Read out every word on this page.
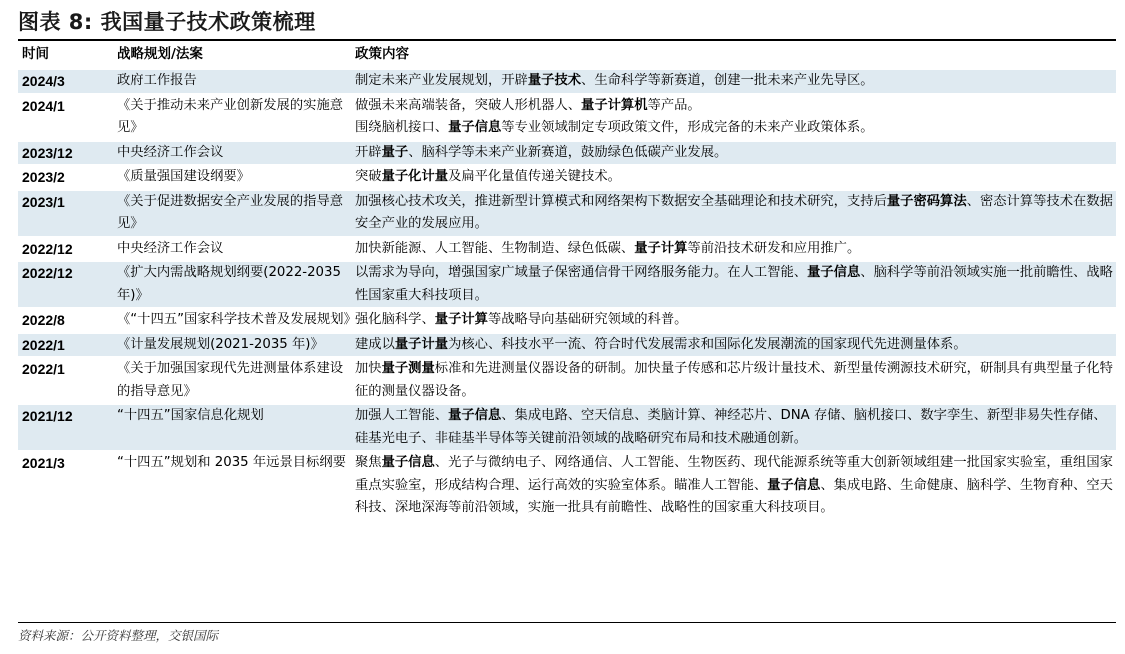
图表 8: 我国量子技术政策梳理
时间	战略规划/法案	政策内容
2024/3	政府工作报告	制定未来产业发展规划，开辟量子技术、生命科学等新赛道，创建一批未来产业先导区。
2024/1	《关于推动未来产业创新发展的实施意见》	做强未来高端装备，突破人形机器人、量子计算机等产品。
围绕脑机接口、量子信息等专业领域制定专项政策文件，形成完备的未来产业政策体系。
2023/12	中央经济工作会议	开辟量子、脑科学等未来产业新赛道，鼓励绿色低碳产业发展。
2023/2	《质量强国建设纲要》	突破量子化计量及扁平化量值传递关键技术。
2023/1	《关于促进数据安全产业发展的指导意见》	加强核心技术攻关，推进新型计算模式和网络架构下数据安全基础理论和技术研究，支持后量子密码算法、密态计算等技术在数据安全产业的发展应用。
2022/12	中央经济工作会议	加快新能源、人工智能、生物制造、绿色低碳、量子计算等前沿技术研发和应用推广。
2022/12	《扩大内需战略规划纲要(2022-2035 年)》	以需求为导向，增强国家广域量子保密通信骨干网络服务能力。在人工智能、量子信息、脑科学等前沿领域实施一批前瞻性、战略性国家重大科技项目。
2022/8	《“十四五”国家科学技术普及发展规划》	强化脑科学、量子计算等战略导向基础研究领域的科普。
2022/1	《计量发展规划(2021-2035 年)》	建成以量子计量为核心、科技水平一流、符合时代发展需求和国际化发展潮流的国家现代先进测量体系。
2022/1	《关于加强国家现代先进测量体系建设的指导意见》	加快量子测量标准和先进测量仪器设备的研制。加快量子传感和芯片级计量技术、新型量传溯源技术研究，研制具有典型量子化特征的测量仪器设备。
2021/12	“十四五”国家信息化规划	加强人工智能、量子信息、集成电路、空天信息、类脑计算、神经芯片、DNA 存储、脑机接口、数字孪生、新型非易失性存储、硅基光电子、非硅基半导体等关键前沿领域的战略研究布局和技术融通创新。
2021/3	“十四五”规划和 2035 年远景目标纲要	聚焦量子信息、光子与微纳电子、网络通信、人工智能、生物医药、现代能源系统等重大创新领域组建一批国家实验室，重组国家重点实验室，形成结构合理、运行高效的实验室体系。瞄准人工智能、量子信息、集成电路、生命健康、脑科学、生物育种、空天科技、深地深海等前沿领域，实施一批具有前瞻性、战略性的国家重大科技项目。
资料来源：公开资料整理，交银国际
